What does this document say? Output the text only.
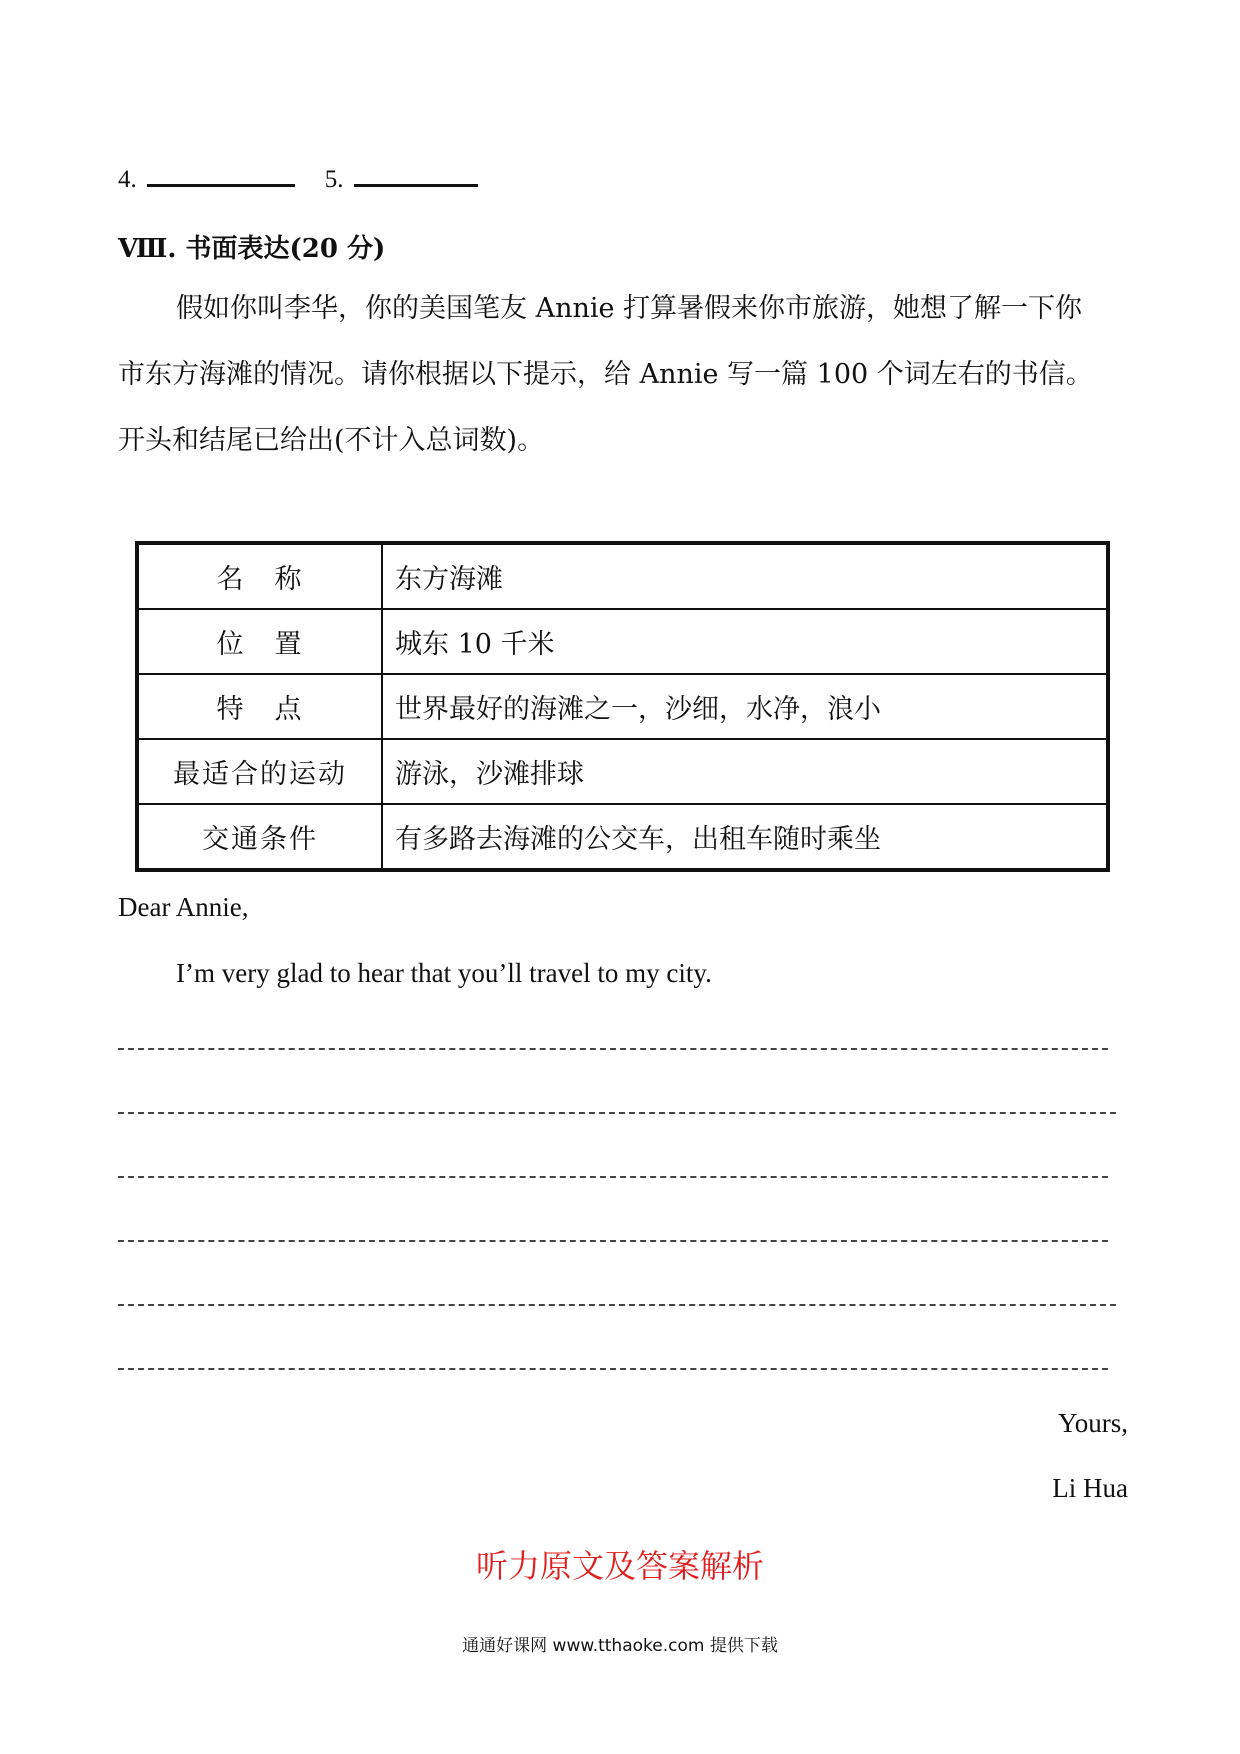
4.	5.
Ⅷ. 书面表达(20 分)

假如你叫李华，你的美国笔友 Annie 打算暑假来你市旅游，她想了解一下你

市东方海滩的情况。请你根据以下提示，给 Annie 写一篇 100 个词左右的书信。

开头和结尾已给出(不计入总词数)。

名　称	东方海滩
位　置	城东 10 千米
特　点	世界最好的海滩之一，沙细，水净，浪小
最适合的运动	游泳，沙滩排球
交通条件	有多路去海滩的公交车，出租车随时乘坐
Dear Annie,
I’m very glad to hear that you’ll travel to my city.
Yours,
Li Hua
听力原文及答案解析
通通好课网 www.tthaoke.com 提供下载
